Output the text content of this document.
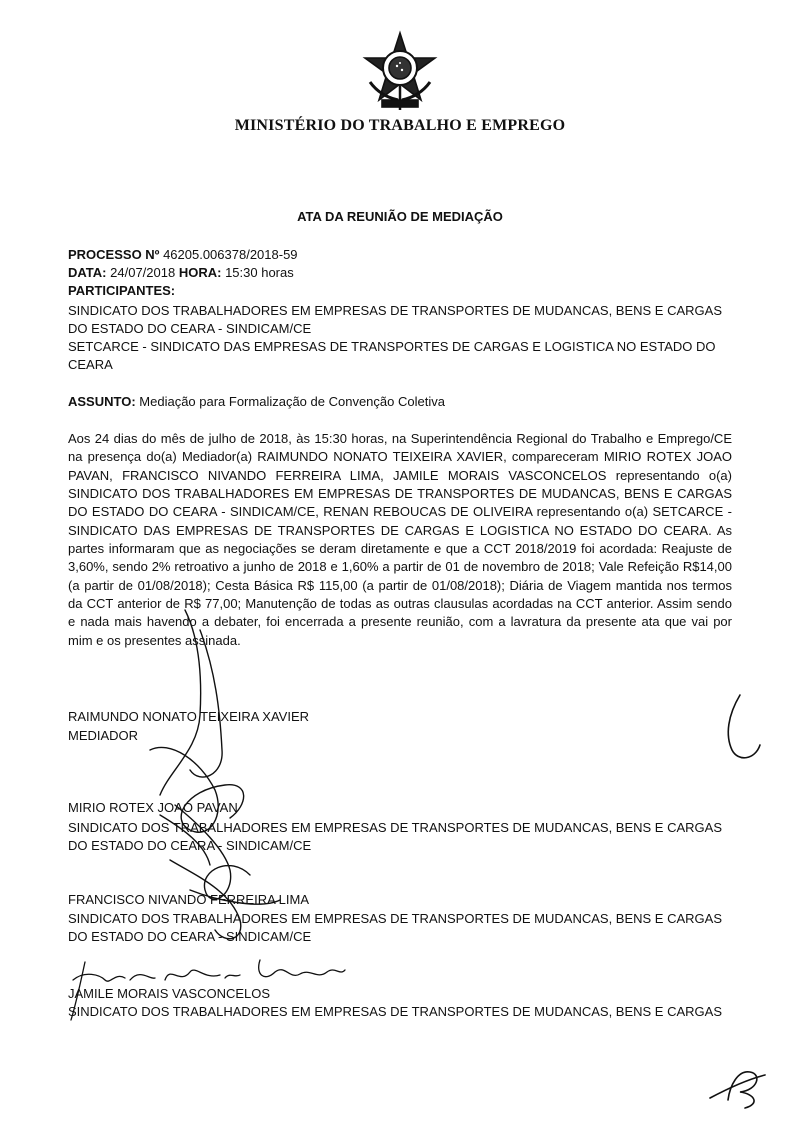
MINISTÉRIO DO TRABALHO E EMPREGO
ATA DA REUNIÃO DE MEDIAÇÃO
PROCESSO Nº 46205.006378/2018-59
DATA: 24/07/2018 HORA: 15:30 horas
PARTICIPANTES:
SINDICATO DOS TRABALHADORES EM EMPRESAS DE TRANSPORTES DE MUDANCAS, BENS E CARGAS
DO ESTADO DO CEARA - SINDICAM/CE
SETCARCE - SINDICATO DAS EMPRESAS DE TRANSPORTES DE CARGAS E LOGISTICA NO ESTADO DO
CEARA
ASSUNTO: Mediação para Formalização de Convenção Coletiva
Aos 24 dias do mês de julho de 2018, às 15:30 horas, na Superintendência Regional do Trabalho e Emprego/CE na presença do(a) Mediador(a) RAIMUNDO NONATO TEIXEIRA XAVIER, compareceram MIRIO ROTEX JOAO PAVAN, FRANCISCO NIVANDO FERREIRA LIMA, JAMILE MORAIS VASCONCELOS representando o(a) SINDICATO DOS TRABALHADORES EM EMPRESAS DE TRANSPORTES DE MUDANCAS, BENS E CARGAS DO ESTADO DO CEARA - SINDICAM/CE, RENAN REBOUCAS DE OLIVEIRA representando o(a) SETCARCE - SINDICATO DAS EMPRESAS DE TRANSPORTES DE CARGAS E LOGISTICA NO ESTADO DO CEARA. As partes informaram que as negociações se deram diretamente e que a CCT 2018/2019 foi acordada: Reajuste de 3,60%, sendo 2% retroativo a junho de 2018 e 1,60% a partir de 01 de novembro de 2018; Vale Refeição R$14,00 (a partir de 01/08/2018); Cesta Básica R$ 115,00 (a partir de 01/08/2018); Diária de Viagem mantida nos termos da CCT anterior de R$ 77,00; Manutenção de todas as outras clausulas acordadas na CCT anterior. Assim sendo e nada mais havendo a debater, foi encerrada a presente reunião, com a lavratura da presente ata que vai por mim e os presentes assinada.
RAIMUNDO NONATO TEIXEIRA XAVIER
MEDIADOR
MIRIO ROTEX JOAO PAVAN
SINDICATO DOS TRABALHADORES EM EMPRESAS DE TRANSPORTES DE MUDANCAS, BENS E CARGAS
DO ESTADO DO CEARA - SINDICAM/CE
FRANCISCO NIVANDO FERREIRA LIMA
SINDICATO DOS TRABALHADORES EM EMPRESAS DE TRANSPORTES DE MUDANCAS, BENS E CARGAS
DO ESTADO DO CEARA - SINDICAM/CE
JAMILE MORAIS VASCONCELOS
SINDICATO DOS TRABALHADORES EM EMPRESAS DE TRANSPORTES DE MUDANCAS, BENS E CARGAS
